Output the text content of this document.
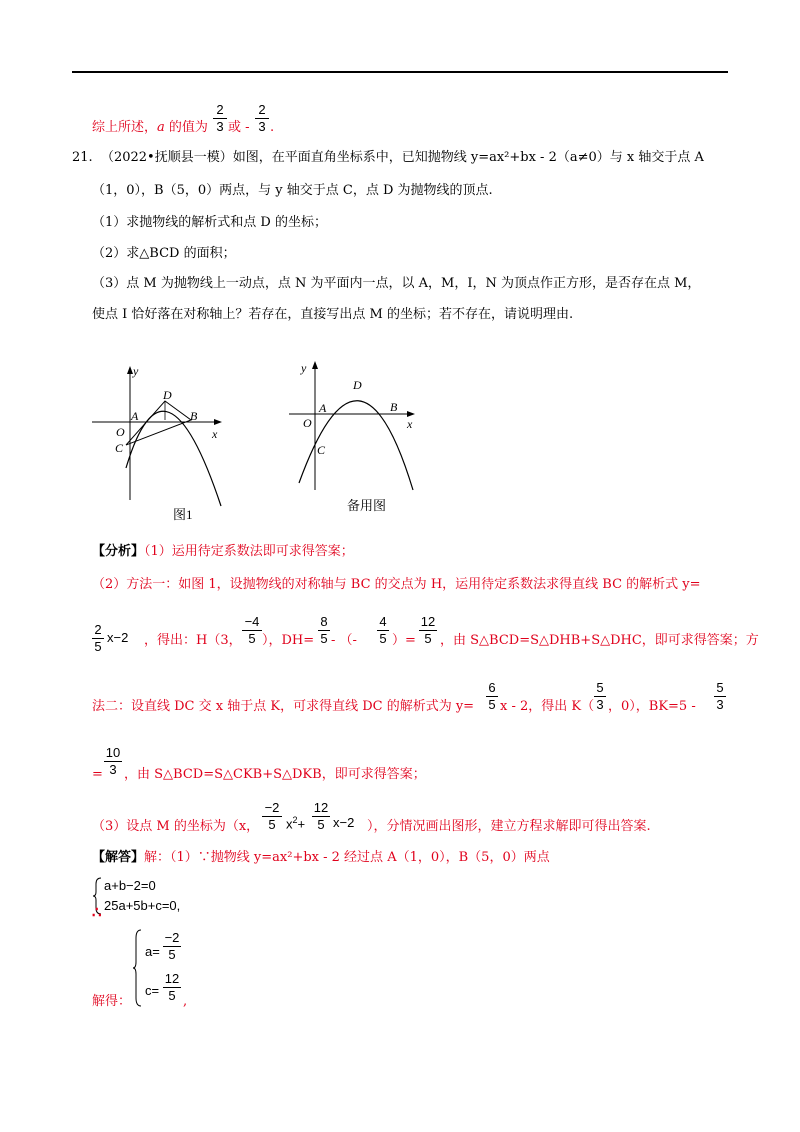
综上所述，a 的值为
2
3 或 -
2
3 .
21. （2022•抚顺县一模）如图，在平面直角坐标系中，已知抛物线 y=ax²+bx - 2（a≠0）与 x 轴交于点 A
（1，0），B（5，0）两点，与 y 轴交于点 C，点 D 为抛物线的顶点.
（1）求抛物线的解析式和点 D 的坐标；
（2）求△BCD 的面积；
（3）点 M 为抛物线上一动点，点 N 为平面内一点，以 A，M，I，N 为顶点作正方形，是否存在点 M，
使点 I 恰好落在对称轴上？若存在，直接写出点 M 的坐标；若不存在，请说明理由.
y
x
O
A	B
C
D
图1
y
x
O
A	B
C
D
备用图
【分析】（1）运用待定系数法即可求得答案；
（2）方法一：如图 1，设抛物线的对称轴与 BC 的交点为 H，运用待定系数法求得直线 BC 的解析式 y=
2
5
x−2 ，得出：H（3，
−4
5 ），DH=
8
5 - （-
4
5 ）=
12
5 ，由 S△BCD=S△DHB+S△DHC，即可求得答案；方
法二：设直线 DC 交 x 轴于点 K，可求得直线 DC 的解析式为 y=
6
5 x - 2，得出 K（
5
3 ，0），BK=5 -
5
3
10
3
= ，由 S△BCD=S△CKB+S△DKB，即可求得答案；
（3）设点 M 的坐标为（x，
−2
5 $x^2+$
12
5 x−2 ），分情况画出图形，建立方程求解即可得出答案.
【解答】解：（1）∵抛物线 y=ax²+bx - 2 经过点 A（1，0），B（5，0）两点
a+b−2=0
25a+5b+c=0,
∴
a=
−2
5
c=
12
5
解得：	,
